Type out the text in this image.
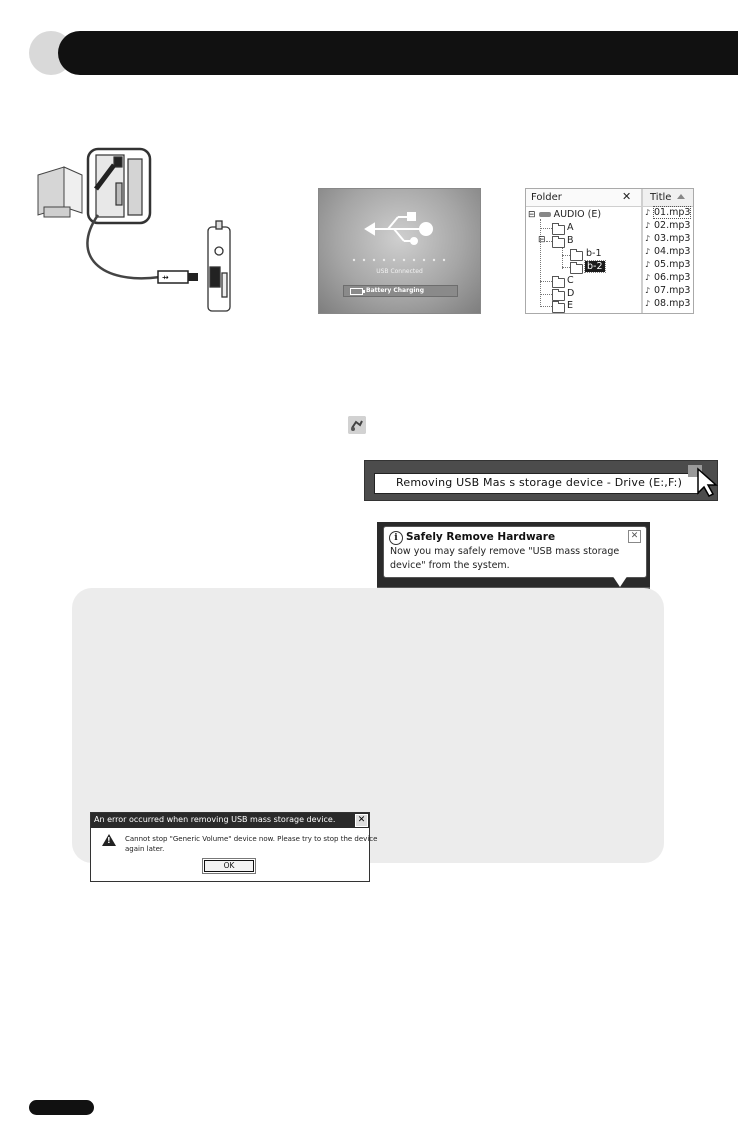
⇸
USB Connected
Battery Charging
Folder	✕ Title
⊟ AUDIO (E)
A
⊟ B
b-1
b-2
C
D
E
♪ 01.mp3
♪ 02.mp3
♪ 03.mp3
♪ 04.mp3
♪ 05.mp3
♪ 06.mp3
♪ 07.mp3
♪ 08.mp3
Removing USB Mas s storage device - Drive (E:,F:)
i Safely Remove Hardware	✕
Now you may safely remove "USB mass storage
device" from the system.
An error occurred when removing USB mass storage device.	✕
! Cannot stop "Generic Volume" device now. Please try to stop the device
again later.
OK
